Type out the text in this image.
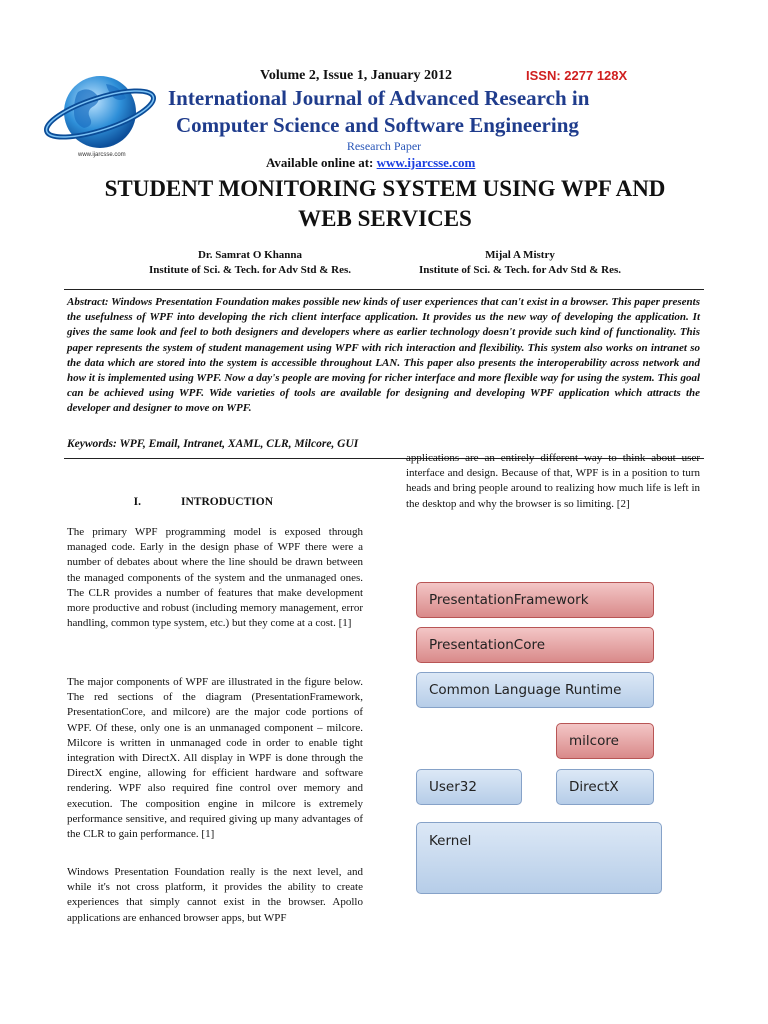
www.ijarcsse.com
Volume 2, Issue 1, January 2012	ISSN: 2277 128X
International Journal of Advanced Research in
Computer Science and Software Engineering
Research Paper
Available online at: www.ijarcsse.com
STUDENT MONITORING SYSTEM USING WPF AND
WEB SERVICES
Dr. Samrat O Khanna
Institute of Sci. & Tech. for Adv Std & Res.
Mijal A Mistry
Institute of Sci. & Tech. for Adv Std & Res.
Abstract: Windows Presentation Foundation makes possible new kinds of user experiences that can't exist in a browser. This paper presents the usefulness of WPF into developing the rich client interface application. It provides us the new way of developing the application. It gives the same look and feel to both designers and developers where as earlier technology doesn't provide such kind of functionality. This paper represents the system of student management using WPF with rich interaction and flexibility. This system also works on intranet so the data which are stored into the system is accessible throughout LAN. This paper also presents the interoperability across network and how it is implemented using WPF. Now a day's people are moving for richer interface and more flexible way for using the system. This goal can be achieved using WPF. Wide varieties of tools are available for designing and developing WPF application which attracts the developer and designer to move on WPF.
Keywords: WPF, Email, Intranet, XAML, CLR, Milcore, GUI
I.	INTRODUCTION
The primary WPF programming model is exposed through managed code. Early in the design phase of WPF there were a number of debates about where the line should be drawn between the managed components of the system and the unmanaged ones. The CLR provides a number of features that make development more productive and robust (including memory management, error handling, common type system, etc.) but they come at a cost. [1]
The major components of WPF are illustrated in the figure below. The red sections of the diagram (PresentationFramework, PresentationCore, and milcore) are the major code portions of WPF. Of these, only one is an unmanaged component – milcore. Milcore is written in unmanaged code in order to enable tight integration with DirectX. All display in WPF is done through the DirectX engine, allowing for efficient hardware and software rendering. WPF also required fine control over memory and execution. The composition engine in milcore is extremely performance sensitive, and required giving up many advantages of the CLR to gain performance. [1]
Windows Presentation Foundation really is the next level, and while it's not cross platform, it provides the ability to create experiences that simply cannot exist in the browser. Apollo applications are enhanced browser apps, but WPF
applications are an entirely different way to think about user interface and design. Because of that, WPF is in a position to turn heads and bring people around to realizing how much life is left in the desktop and why the browser is so limiting. [2]
PresentationFramework
PresentationCore
Common Language Runtime
milcore
User32	DirectX
Kernel
